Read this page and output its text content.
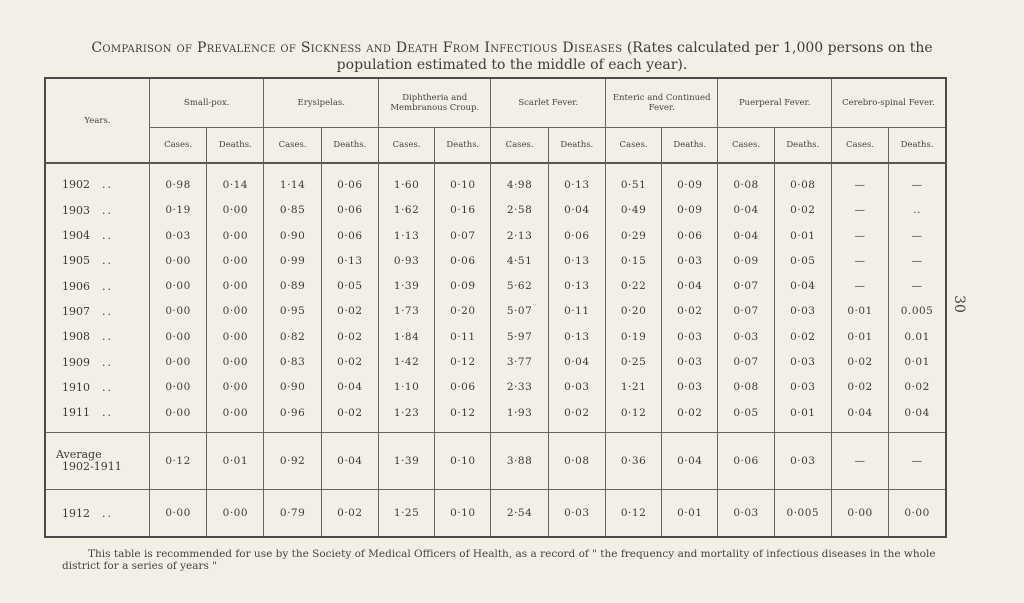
Comparison of Prevalence of Sickness and Death From Infectious Diseases (Rates calculated per 1,000 persons on the
population estimated to the middle of each year).
Years.	Small-pox.		Erysipelas.		Diphtheria and Membranous Croup.		Scarlet Fever.		Enteric and Continued Fever.		Puerperal Fever.		Cerebro-spinal Fever.	
	Cases.	Deaths.	Cases.	Deaths.	Cases.	Deaths.	Cases.	Deaths.	Cases.	Deaths.	Cases.	Deaths.	Cases.	Deaths.
1902 ..	0·98	0·14	1·14	0·06	1·60	0·10	4·98	0·13	0·51	0·09	0·08	0·08	—	—
1903 ..	0·19	0·00	0·85	0·06	1·62	0·16	2·58	0·04	0·49	0·09	0·04	0·02	—	..
1904 ..	0·03	0·00	0·90	0·06	1·13	0·07	2·13	0·06	0·29	0·06	0·04	0·01	—	—
1905 ..	0·00	0·00	0·99	0·13	0·93	0·06	4·51	0·13	0·15	0·03	0·09	0·05	—	—
1906 ..	0·00	0·00	0·89	0·05	1·39	0·09	5·62	0·13	0·22	0·04	0·07	0·04	—	—
1907 ..	0·00	0·00	0·95	0·02	1·73	0·20	5·07	0·11	0·20	0·02	0·07	0·03	0·01	0.005
1908 ..	0·00	0·00	0·82	0·02	1·84	0·11	5·97	0·13	0·19	0·03	0·03	0·02	0·01	0.01
1909 ..	0·00	0·00	0·83	0·02	1·42	0·12	3·77	0·04	0·25	0·03	0·07	0·03	0·02	0·01
1910 ..	0·00	0·00	0·90	0·04	1·10	0·06	2·33	0·03	1·21	0·03	0·08	0·03	0·02	0·02
1911 ..	0·00	0·00	0·96	0·02	1·23	0·12	1·93	0·02	0·12	0·02	0·05	0·01	0·04	0·04
Average
1902-1911	0·12	0·01	0·92	0·04	1·39	0·10	3·88	0·08	0·36	0·04	0·06	0·03	—	—
1912 ..	0·00	0·00	0·79	0·02	1·25	0·10	2·54	0·03	0·12	0·01	0·03	0·005	0·00	0·00
30
This table is recommended for use by the Society of Medical Officers of Health, as a record of " the frequency and mortality of infectious diseases in the whole district for a series of years "
